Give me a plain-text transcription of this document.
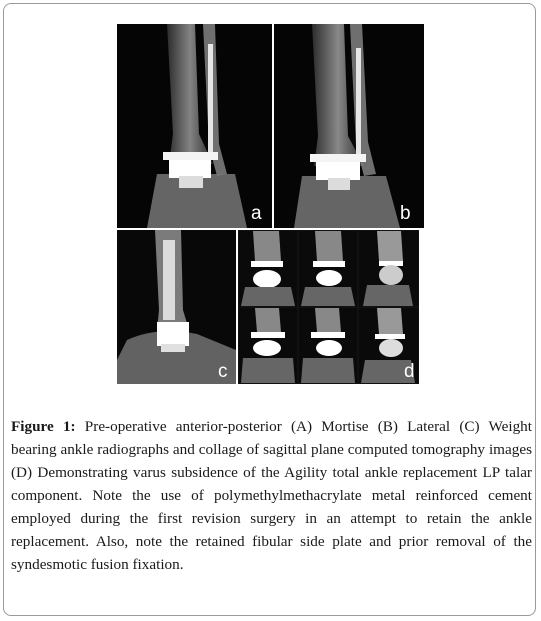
a	b
c	d

Figure 1: Pre-operative anterior-posterior (A) Mortise (B) Lateral (C) Weight bearing ankle radiographs and collage of sagittal plane computed tomography images (D) Demonstrating varus subsidence of the Agility total ankle replacement LP talar component. Note the use of polymethylmethacrylate metal reinforced cement employed during the first revision surgery in an attempt to retain the ankle replacement. Also, note the retained fibular side plate and prior removal of the syndesmotic fusion fixation.
